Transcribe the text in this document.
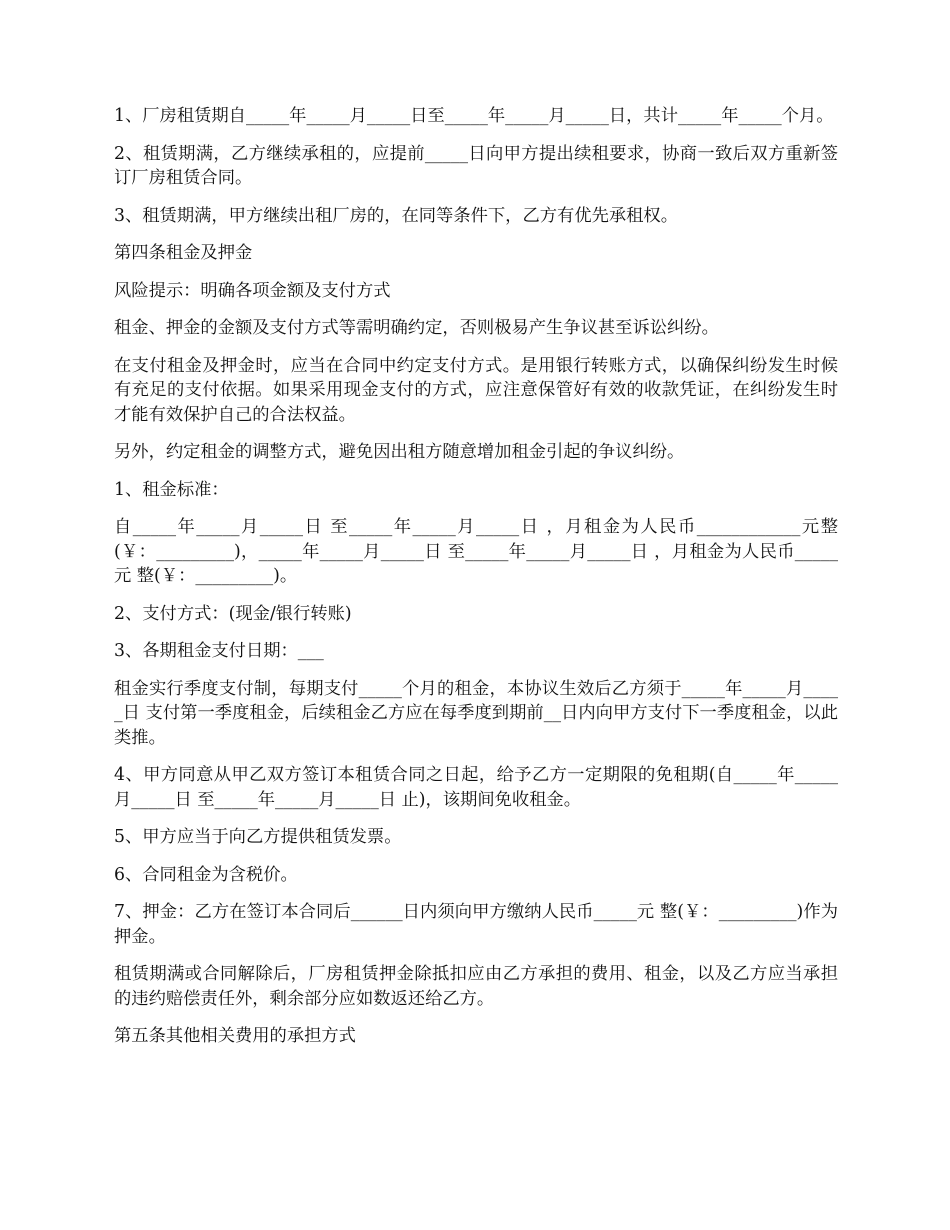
1、厂房租赁期自_____年_____月_____日至_____年_____月_____日，共计_____年_____个月。

2、租赁期满，乙方继续承租的，应提前_____日向甲方提出续租要求，协商一致后双方重新签订厂房租赁合同。

3、租赁期满，甲方继续出租厂房的，在同等条件下，乙方有优先承租权。

第四条租金及押金

风险提示：明确各项金额及支付方式

租金、押金的金额及支付方式等需明确约定，否则极易产生争议甚至诉讼纠纷。

在支付租金及押金时，应当在合同中约定支付方式。是用银行转账方式，以确保纠纷发生时候有充足的支付依据。如果采用现金支付的方式，应注意保管好有效的收款凭证，在纠纷发生时才能有效保护自己的合法权益。

另外，约定租金的调整方式，避免因出租方随意增加租金引起的争议纠纷。

1、租金标准：

自_____年_____月_____日 至_____年_____月_____日 ，月租金为人民币____________元整(￥：_________)，_____年_____月_____日 至_____年_____月_____日 ，月租金为人民币_____元 整(￥：_________)。

2、支付方式：(现金/银行转账)

3、各期租金支付日期：___

租金实行季度支付制，每期支付_____个月的租金，本协议生效后乙方须于_____年_____月_____日 支付第一季度租金，后续租金乙方应在每季度到期前__日内向甲方支付下一季度租金，以此类推。

4、甲方同意从甲乙双方签订本租赁合同之日起，给予乙方一定期限的免租期(自_____年_____月_____日 至_____年_____月_____日 止)，该期间免收租金。

5、甲方应当于向乙方提供租赁发票。

6、合同租金为含税价。

7、押金：乙方在签订本合同后______日内须向甲方缴纳人民币_____元 整(￥：_________)作为押金。

租赁期满或合同解除后，厂房租赁押金除抵扣应由乙方承担的费用、租金，以及乙方应当承担的违约赔偿责任外，剩余部分应如数返还给乙方。

第五条其他相关费用的承担方式
